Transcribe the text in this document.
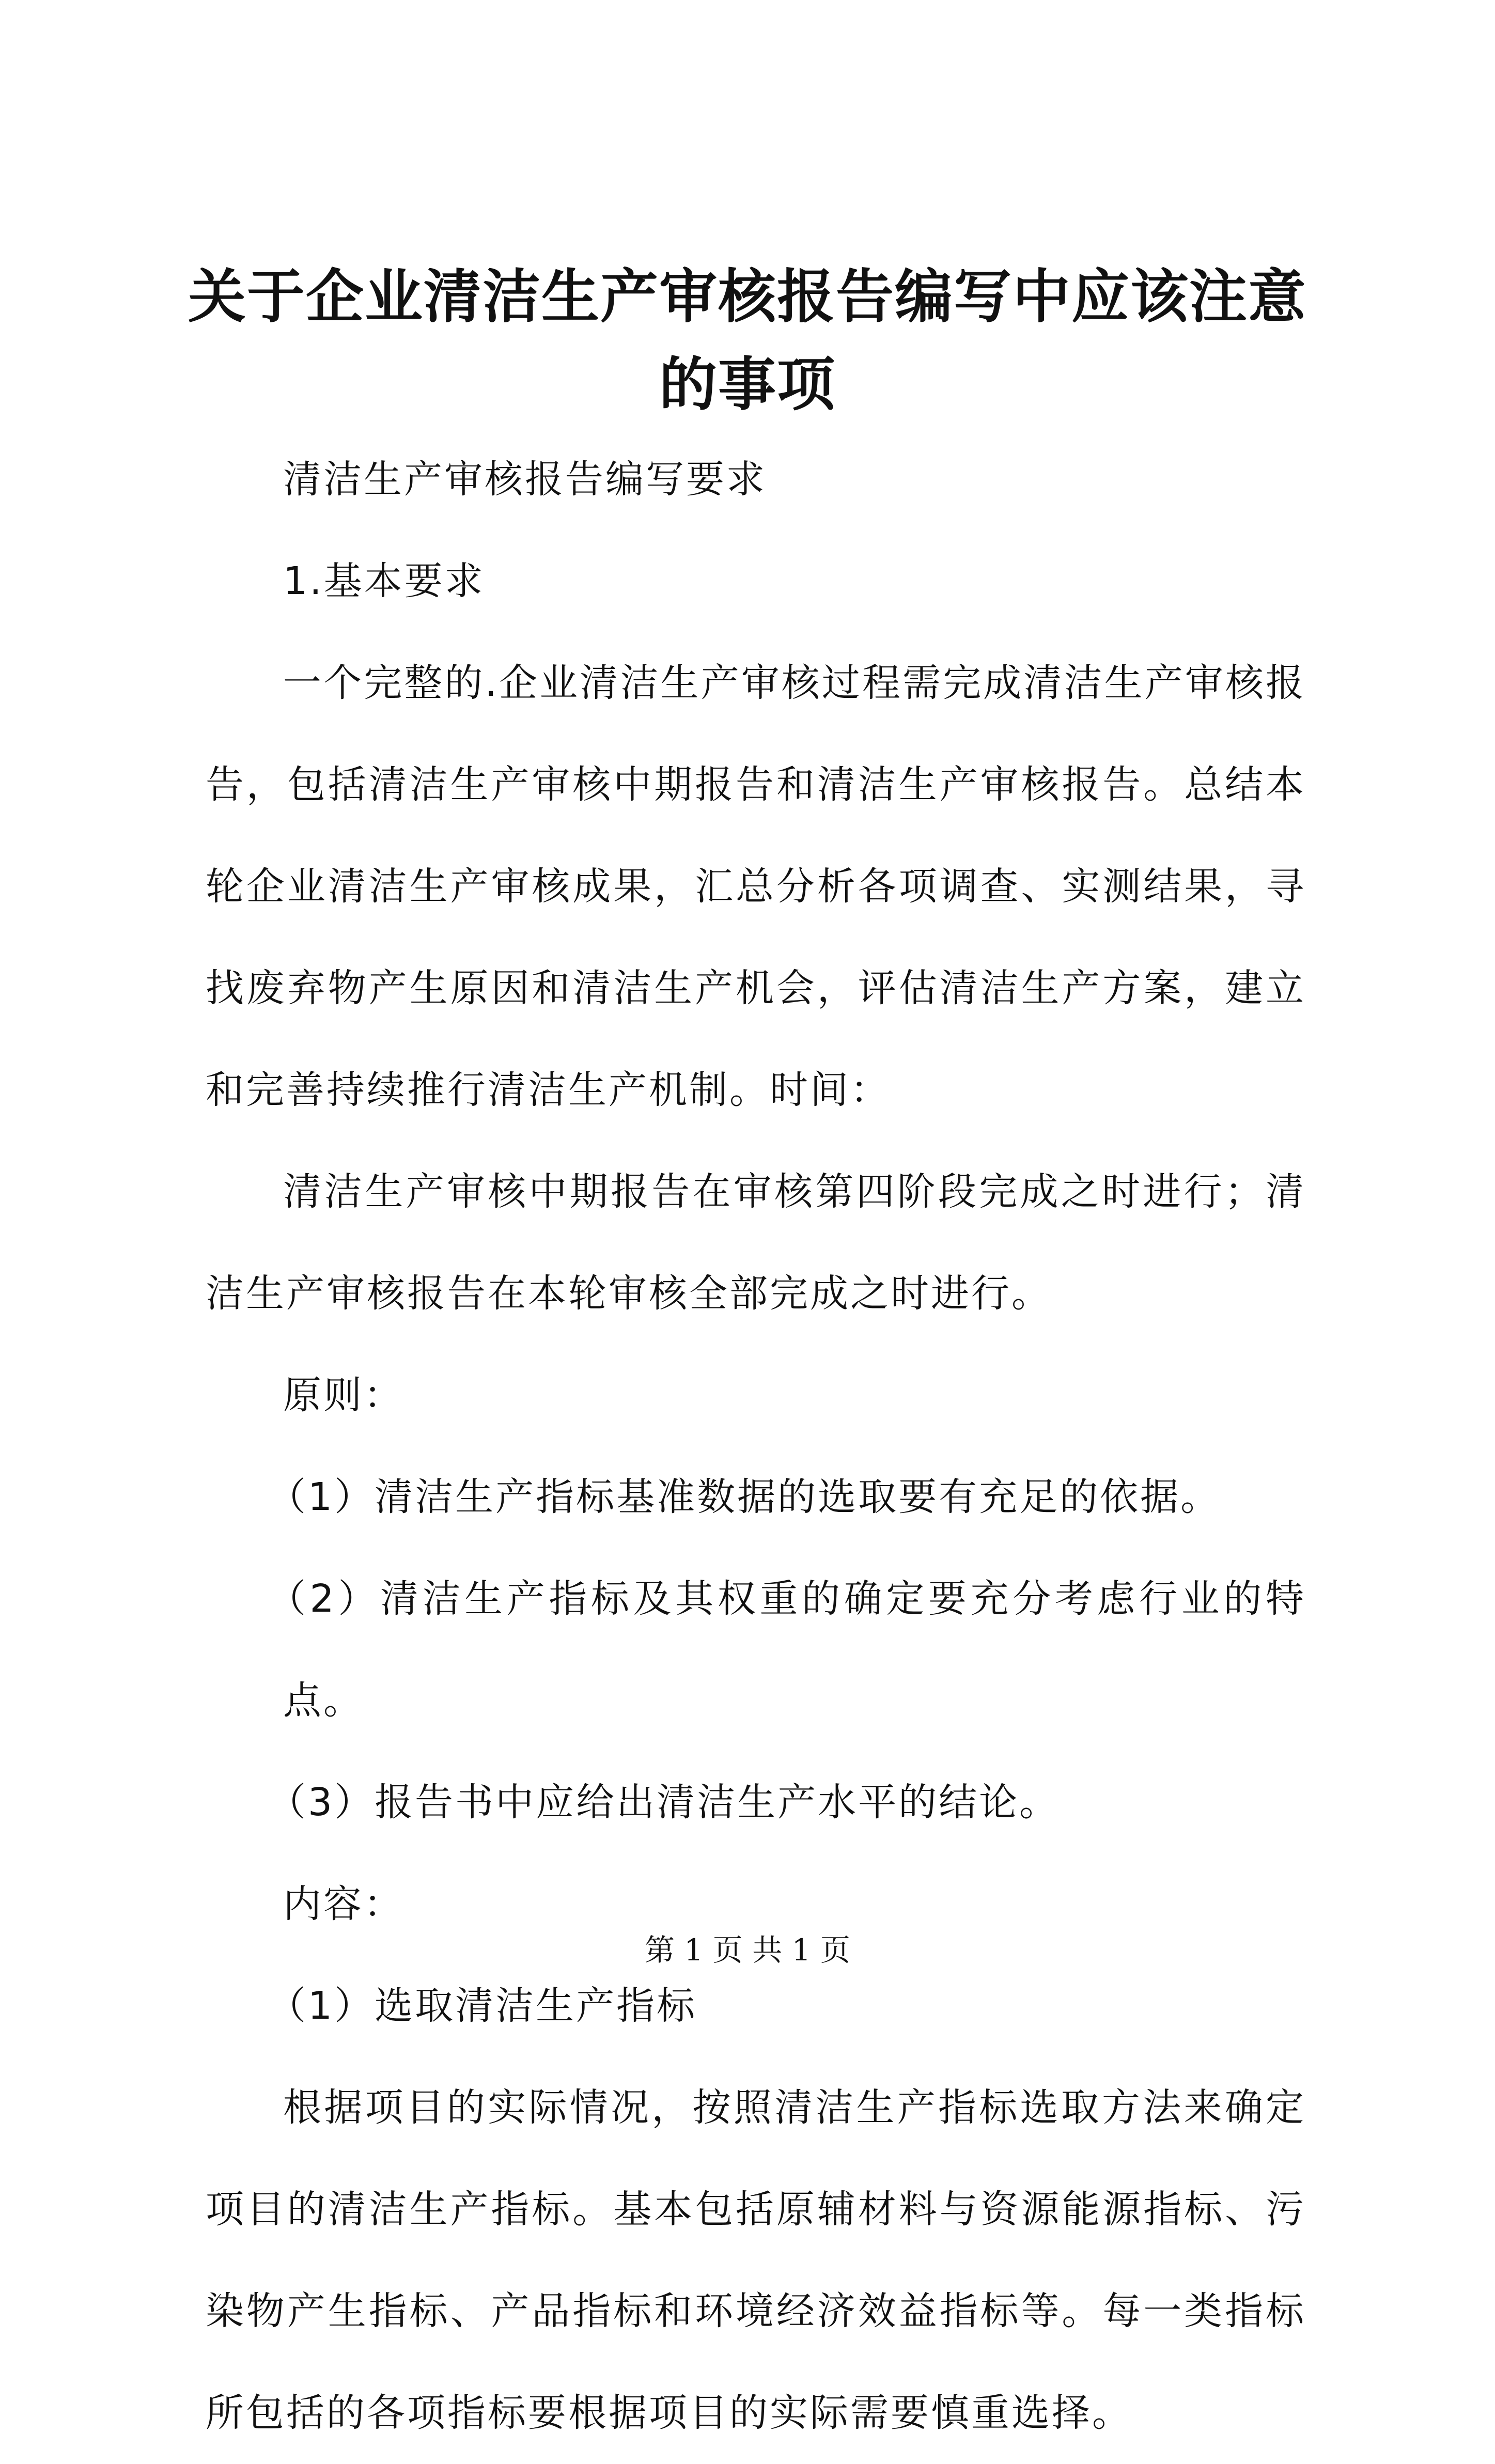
关于企业清洁生产审核报告编写中应该注意的事项

清洁生产审核报告编写要求

1.基本要求

一个完整的.企业清洁生产审核过程需完成清洁生产审核报告，包括清洁生产审核中期报告和清洁生产审核报告。总结本轮企业清洁生产审核成果，汇总分析各项调查、实测结果，寻找废弃物产生原因和清洁生产机会，评估清洁生产方案，建立和完善持续推行清洁生产机制。时间：

清洁生产审核中期报告在审核第四阶段完成之时进行；清洁生产审核报告在本轮审核全部完成之时进行。

原则：

（1）清洁生产指标基准数据的选取要有充足的依据。

（2）清洁生产指标及其权重的确定要充分考虑行业的特点。

（3）报告书中应给出清洁生产水平的结论。

内容：

（1）选取清洁生产指标

根据项目的实际情况，按照清洁生产指标选取方法来确定项目的清洁生产指标。基本包括原辅材料与资源能源指标、污染物产生指标、产品指标和环境经济效益指标等。每一类指标所包括的各项指标要根据项目的实际需要慎重选择。

第 1 页 共 1 页
